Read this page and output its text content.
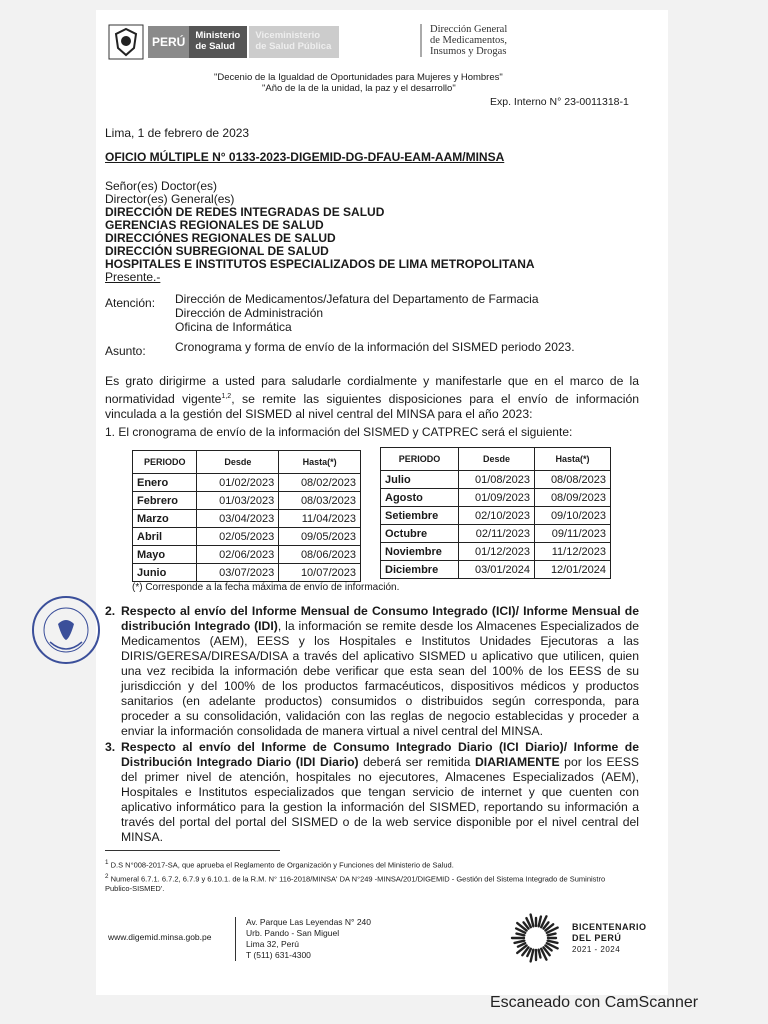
PERÚ	Ministerio de Salud
Viceministerio de Salud Pública
Dirección General
de Medicamentos,
Insumos y Drogas
"Decenio de la Igualdad de Oportunidades para Mujeres y Hombres"
"Año de la de la unidad, la paz y el desarrollo"
Exp. Interno N° 23-0011318-1
Lima, 1 de febrero de 2023
OFICIO MÚLTIPLE N° 0133-2023-DIGEMID-DG-DFAU-EAM-AAM/MINSA
Señor(es) Doctor(es)
Director(es) General(es)
DIRECCIÓN DE REDES INTEGRADAS DE SALUD
GERENCIAS REGIONALES DE SALUD
DIRECCIÓNES REGIONALES DE SALUD
DIRECCIÓN SUBREGIONAL DE SALUD
HOSPITALES E INSTITUTOS ESPECIALIZADOS DE LIMA METROPOLITANA
Presente.-
Atención: Dirección de Medicamentos/Jefatura del Departamento de Farmacia
Dirección de Administración
Oficina de Informática
Asunto: Cronograma y forma de envío de la información del SISMED periodo 2023.
Es grato dirigirme a usted para saludarle cordialmente y manifestarle que en el marco de la normatividad vigente$^{1,2}$, se remite las siguientes disposiciones para el envío de información vinculada a la gestión del SISMED al nivel central del MINSA para el año 2023:
1. El cronograma de envío de la información del SISMED y CATPREC será el siguiente:
PERIODO	Desde	Hasta(*)
Enero	01/02/2023	08/02/2023
Febrero	01/03/2023	08/03/2023
Marzo	03/04/2023	11/04/2023
Abril	02/05/2023	09/05/2023
Mayo	02/06/2023	08/06/2023
Junio	03/07/2023	10/07/2023
PERIODO	Desde	Hasta(*)
Julio	01/08/2023	08/08/2023
Agosto	01/09/2023	08/09/2023
Setiembre	02/10/2023	09/10/2023
Octubre	02/11/2023	09/11/2023
Noviembre	01/12/2023	11/12/2023
Diciembre	03/01/2024	12/01/2024
(*) Corresponde a la fecha máxima de envío de información.
2. Respecto al envío del Informe Mensual de Consumo Integrado (ICI)/ Informe Mensual de distribución Integrado (IDI), la información se remite desde los Almacenes Especializados de Medicamentos (AEM), EESS y los Hospitales e Institutos Unidades Ejecutoras a las DIRIS/GERESA/DIRESA/DISA a través del aplicativo SISMED u aplicativo que utilicen, quien una vez recibida la información debe verificar que esta sean del 100% de los EESS de su jurisdicción y del 100% de los productos farmacéuticos, dispositivos médicos y productos sanitarios (en adelante productos) consumidos o distribuidos según corresponda, para proceder a su consolidación, validación con las reglas de negocio establecidas y proceder a enviar la información consolidada de manera virtual a nivel central del MINSA.
3. Respecto al envío del Informe de Consumo Integrado Diario (ICI Diario)/ Informe de Distribución Integrado Diario (IDI Diario) deberá ser remitida DIARIAMENTE por los EESS del primer nivel de atención, hospitales no ejecutores, Almacenes Especializados (AEM), Hospitales e Institutos especializados que tengan servicio de internet y que cuenten con aplicativo informático para la gestion la información del SISMED, reportando su información a través del portal del portal del SISMED o de la web service disponible por el nivel central del MINSA.
$^1$ D.S N°008-2017-SA, que aprueba el Reglamento de Organización y Funciones del Ministerio de Salud.
$^2$ Numeral 6.7.1. 6.7.2, 6.7.9 y 6.10.1. de la R.M. N° 116-2018/MINSA' DA N°249 -MINSA/201/DIGEMID - Gestión del Sistema Integrado de Suministro Publico-SISMED'.
www.digemid.minsa.gob.pe
Av. Parque Las Leyendas N° 240
Urb. Pando - San Miguel
Lima 32, Perú
T (511) 631-4300
BICENTENARIO
DEL PERÚ
2021 - 2024
Escaneado con CamScanner
